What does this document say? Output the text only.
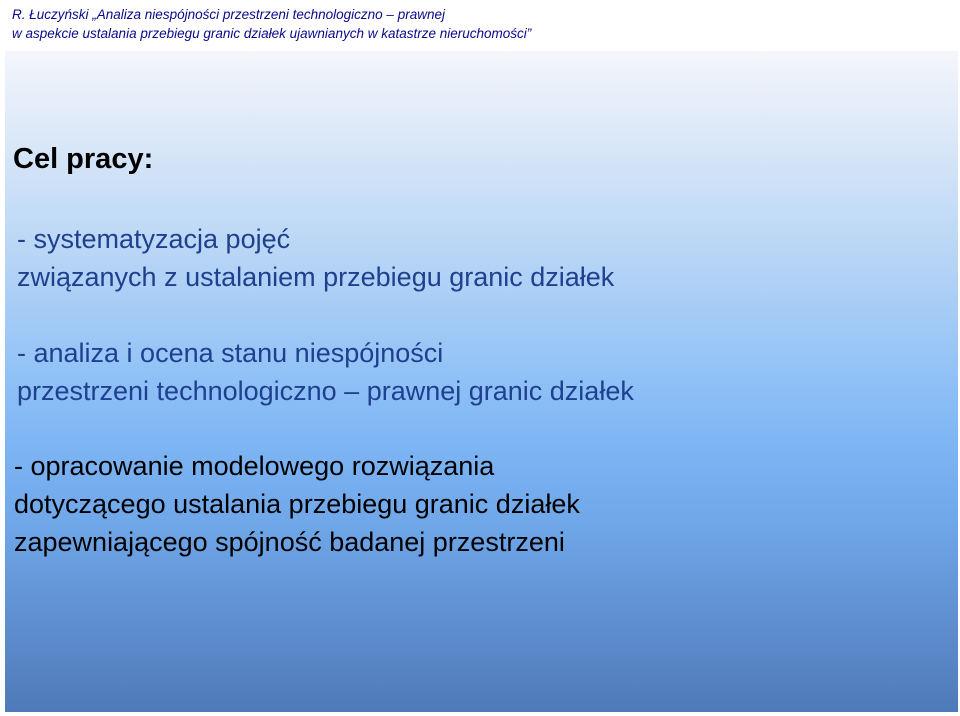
R. Łuczyński „Analiza niespójności przestrzeni technologiczno – prawnej
w aspekcie ustalania przebiegu granic działek ujawnianych w katastrze nieruchomości”
Cel pracy:
- systematyzacja pojęć
związanych z ustalaniem przebiegu granic działek
- analiza i ocena stanu niespójności
przestrzeni technologiczno – prawnej granic działek
- opracowanie modelowego rozwiązania
dotyczącego ustalania przebiegu granic działek
zapewniającego spójność badanej przestrzeni
